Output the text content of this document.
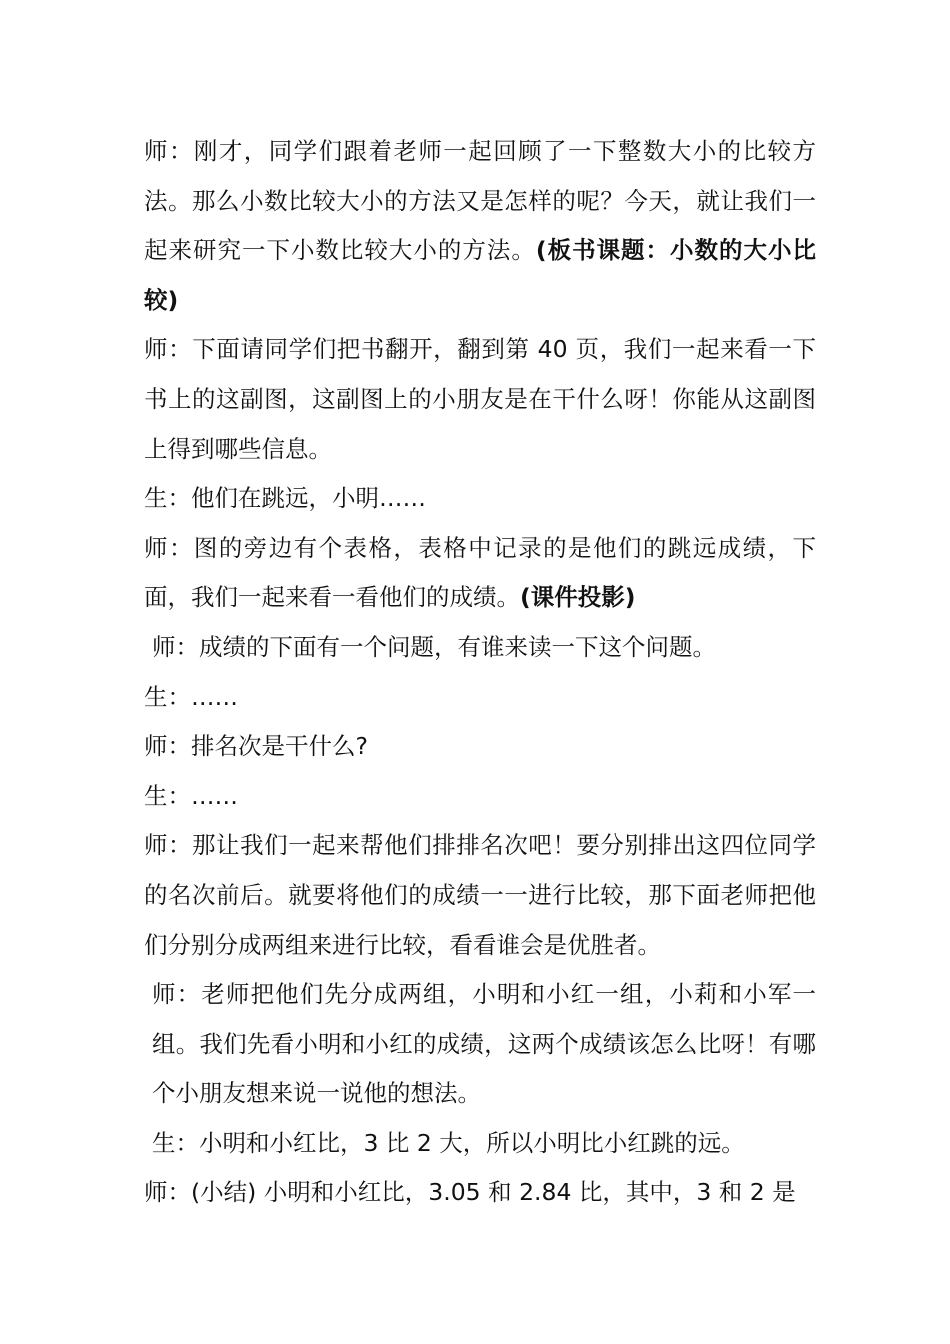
师：刚才，同学们跟着老师一起回顾了一下整数大小的比较方法。那么小数比较大小的方法又是怎样的呢？今天，就让我们一起来研究一下小数比较大小的方法。(板书课题：小数的大小比较)

师：下面请同学们把书翻开，翻到第 40 页，我们一起来看一下书上的这副图，这副图上的小朋友是在干什么呀！你能从这副图上得到哪些信息。

生：他们在跳远，小明……

师：图的旁边有个表格，表格中记录的是他们的跳远成绩，下面，我们一起来看一看他们的成绩。(课件投影)

师：成绩的下面有一个问题，有谁来读一下这个问题。

生：……

师：排名次是干什么?

生：……

师：那让我们一起来帮他们排排名次吧！要分别排出这四位同学的名次前后。就要将他们的成绩一一进行比较，那下面老师把他们分别分成两组来进行比较，看看谁会是优胜者。

师：老师把他们先分成两组，小明和小红一组，小莉和小军一组。我们先看小明和小红的成绩，这两个成绩该怎么比呀！有哪个小朋友想来说一说他的想法。

生：小明和小红比，3 比 2 大，所以小明比小红跳的远。

师：(小结) 小明和小红比，3.05 和 2.84 比，其中，3 和 2 是
